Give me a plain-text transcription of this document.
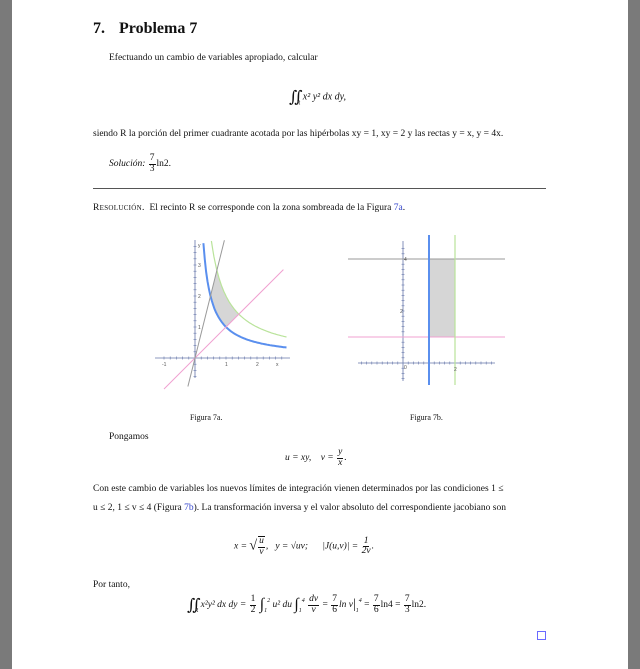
7. Problema 7
Efectuando un cambio de variables apropiado, calcular
$∬_R$ x² y² dx dy,
siendo R la porción del primer cuadrante acotada por las hipérbolas xy = 1, xy = 2 y las rectas y = x, y = 4x.
Solución: $\frac{7}{3} \ln 2$.
Resolución. El recinto R se corresponde con la zona sombreada de la Figura 7a.
-1	1	2	x
1
2
3
y
0	2
2
4
Figura 7a.	Figura 7b.
Pongamos
u = xy, $v = \frac{y}{x}$ .
Con este cambio de variables los nuevos límites de integración vienen determinados por las condiciones 1 ≤
u ≤ 2, 1 ≤ v ≤ 4 (Figura 7b). La transformación inversa y el valor absoluto del correspondiente jacobiano son
x = √ $\frac{u}{v}$ ,   y = √uv; $|J(u,v)| = \frac{1}{2v}$ .
Por tanto,
$∬_R$ x²y² dx dy = $\frac{1}{2} \int_1^2$ u² du $\int_1^4 \frac{dv}{v} = \frac{7}{6}$ $\ln v|_1^4 = \frac{7}{6} \ln 4 = \frac{7}{3} \ln 2$.
